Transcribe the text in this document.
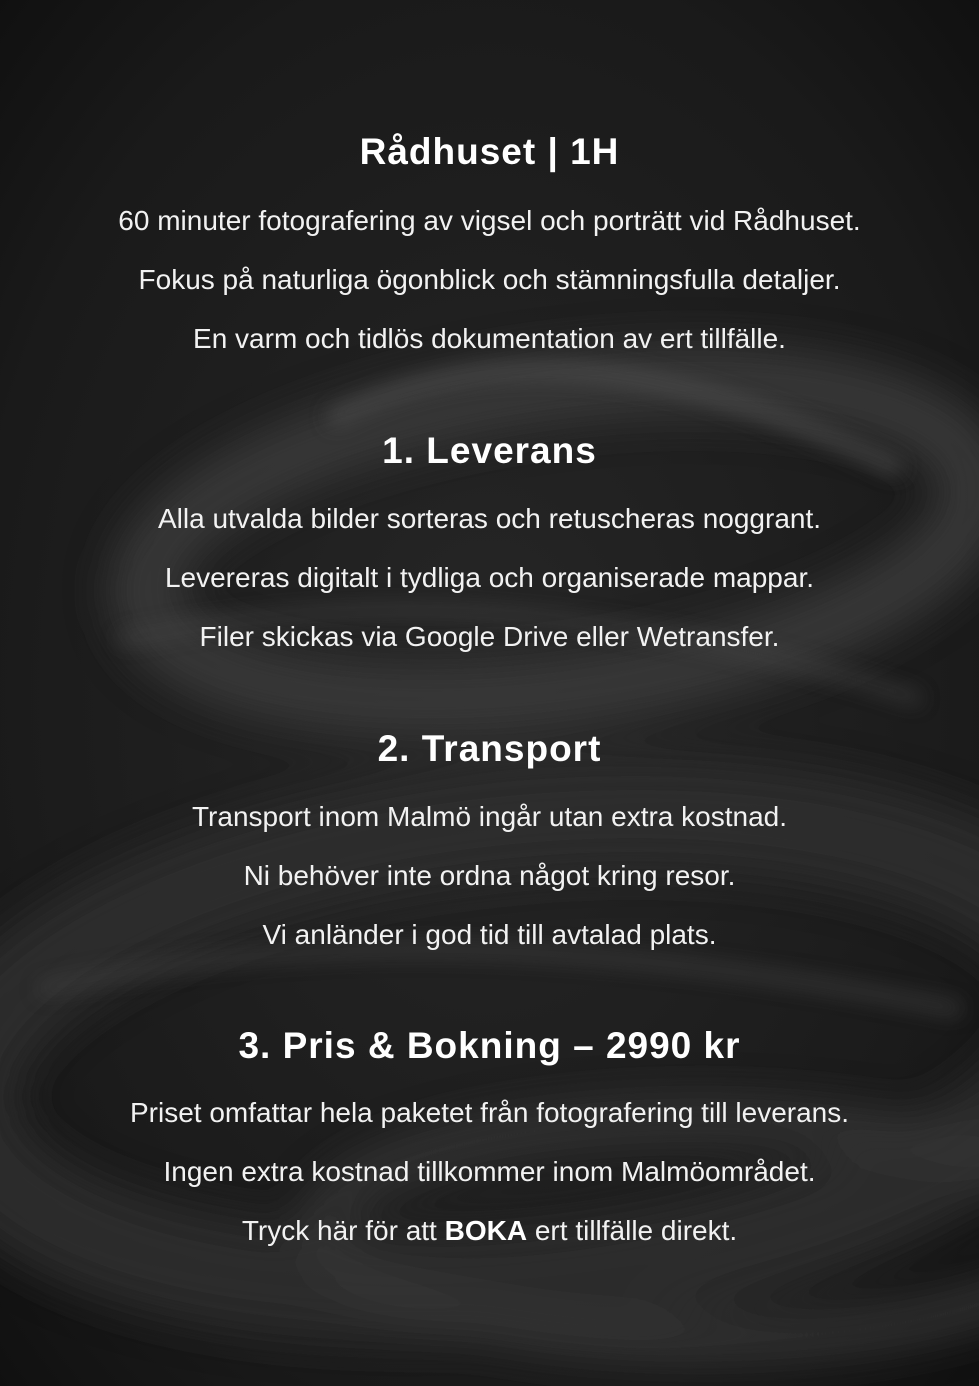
Rådhuset | 1H

60 minuter fotografering av vigsel och porträtt vid Rådhuset.

Fokus på naturliga ögonblick och stämningsfulla detaljer.

En varm och tidlös dokumentation av ert tillfälle.

1. Leverans

Alla utvalda bilder sorteras och retuscheras noggrant.

Levereras digitalt i tydliga och organiserade mappar.

Filer skickas via Google Drive eller Wetransfer.

2. Transport

Transport inom Malmö ingår utan extra kostnad.

Ni behöver inte ordna något kring resor.

Vi anländer i god tid till avtalad plats.

3. Pris & Bokning – 2990 kr

Priset omfattar hela paketet från fotografering till leverans.

Ingen extra kostnad tillkommer inom Malmöområdet.

Tryck här för att BOKA ert tillfälle direkt.
